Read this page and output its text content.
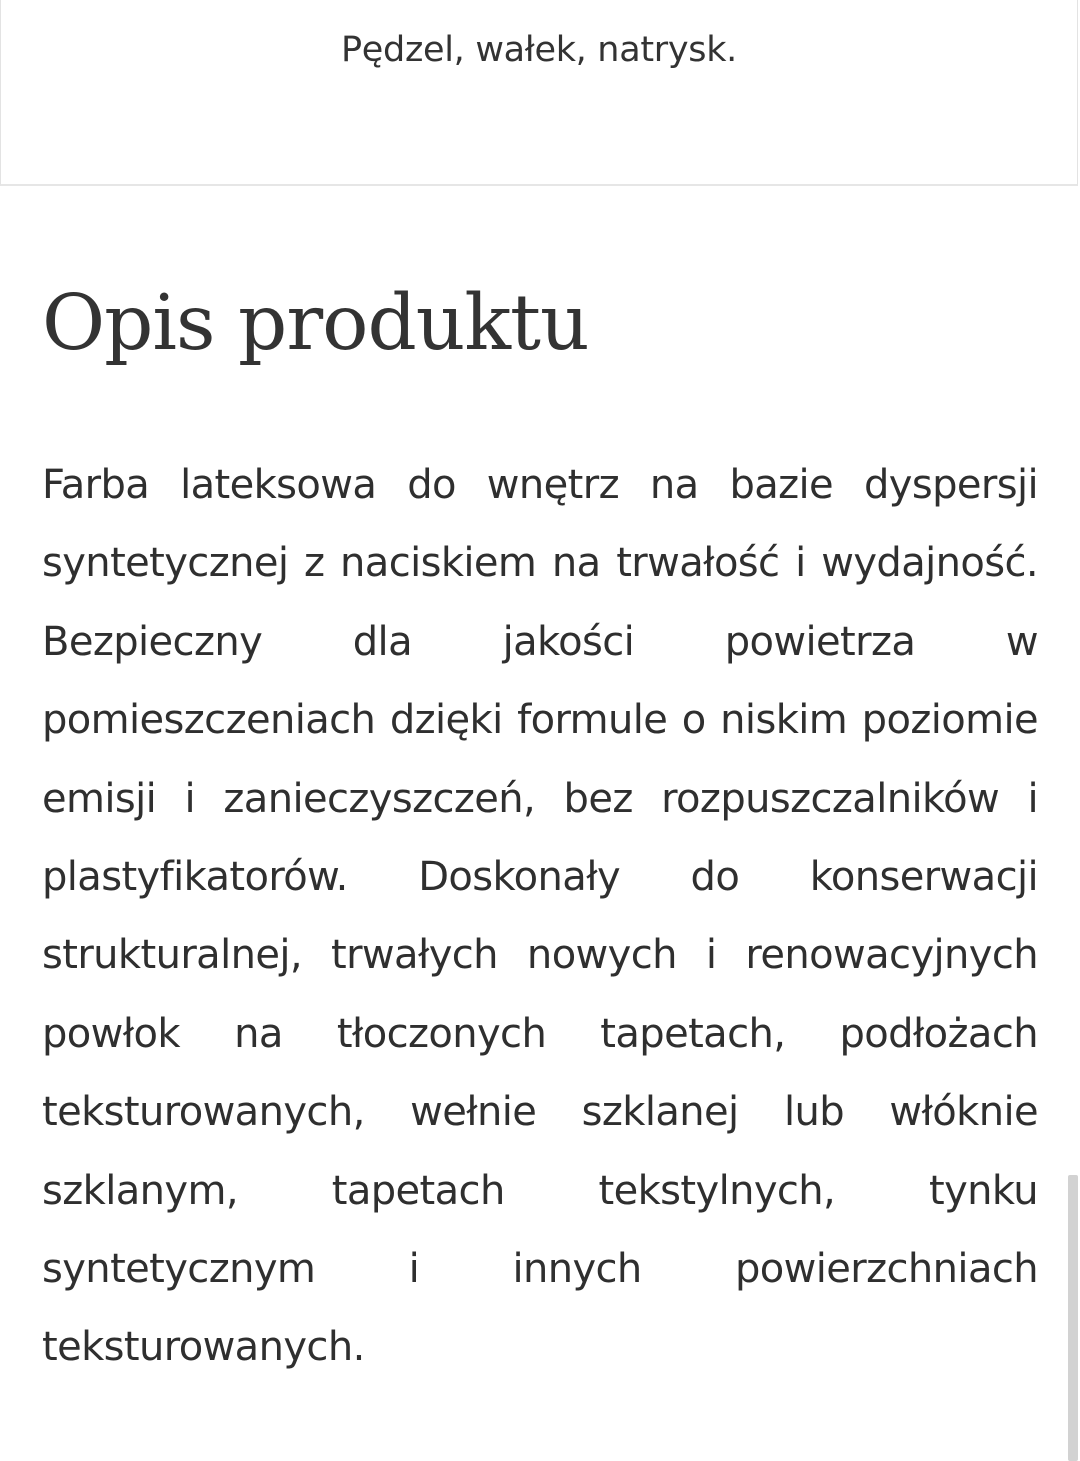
Pędzel, wałek, natrysk.
Opis produktu

Farba lateksowa do wnętrz na bazie dyspersji syntetycznej z naciskiem na trwałość i wydajność. Bezpieczny dla jakości powietrza w pomieszczeniach dzięki formule o niskim poziomie emisji i zanieczyszczeń, bez rozpuszczalników i plastyfikatorów. Doskonały do konserwacji strukturalnej, trwałych nowych i renowacyjnych powłok na tłoczonych tapetach, podłożach teksturowanych, wełnie szklanej lub włóknie szklanym, tapetach tekstylnych, tynku syntetycznym i innych powierzchniach teksturowanych.
